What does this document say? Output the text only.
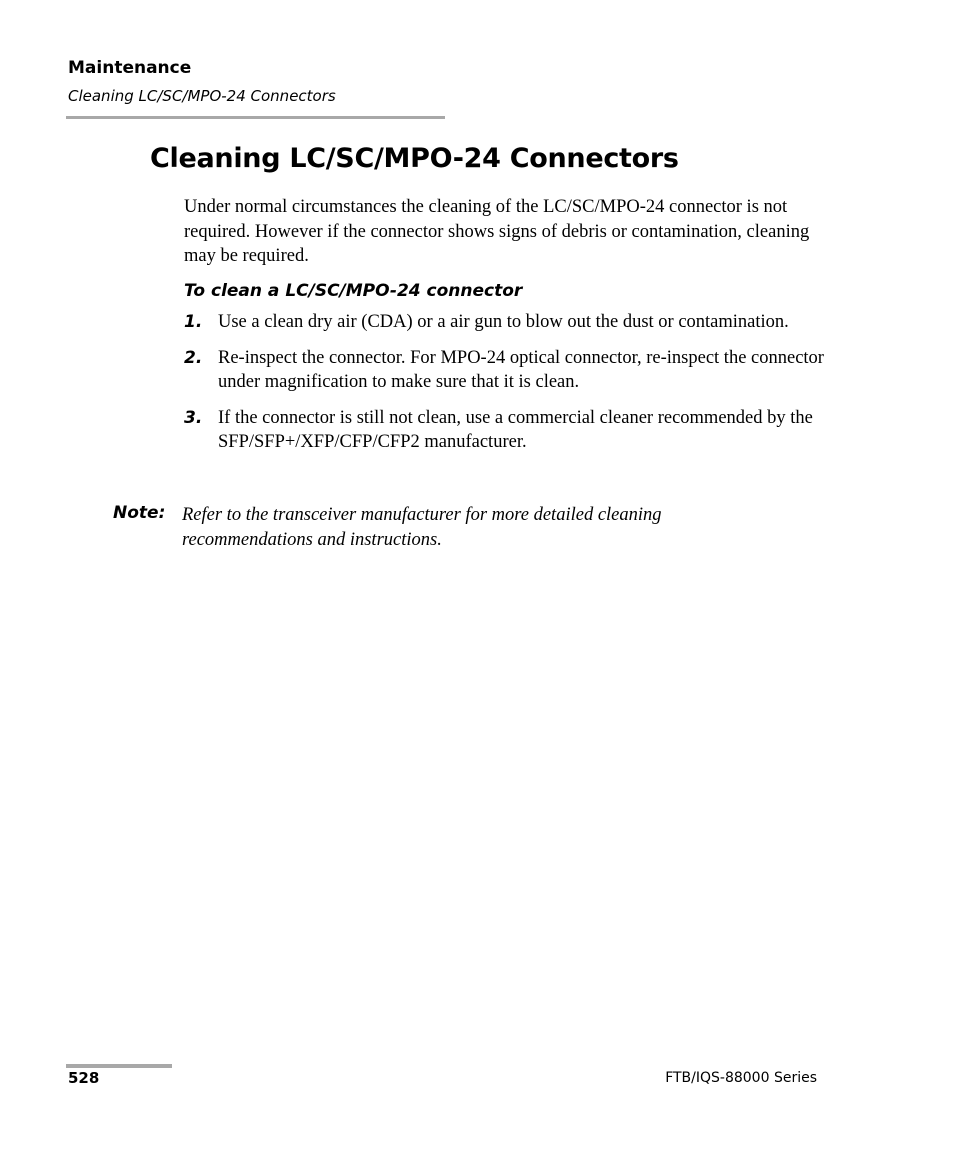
Maintenance
Cleaning LC/SC/MPO-24 Connectors
Cleaning LC/SC/MPO-24 Connectors

Under normal circumstances the cleaning of the LC/SC/MPO-24 connector is not required. However if the connector shows signs of debris or contamination, cleaning may be required.

To clean a LC/SC/MPO-24 connector
1. Use a clean dry air (CDA) or a air gun to blow out the dust or contamination.
2. Re-inspect the connector. For MPO-24 optical connector, re-inspect the connector under magnification to make sure that it is clean.
3. If the connector is still not clean, use a commercial cleaner recommended by the SFP/SFP+/XFP/CFP/CFP2 manufacturer.
Note: Refer to the transceiver manufacturer for more detailed cleaning recommendations and instructions.

528	FTB/IQS-88000 Series
